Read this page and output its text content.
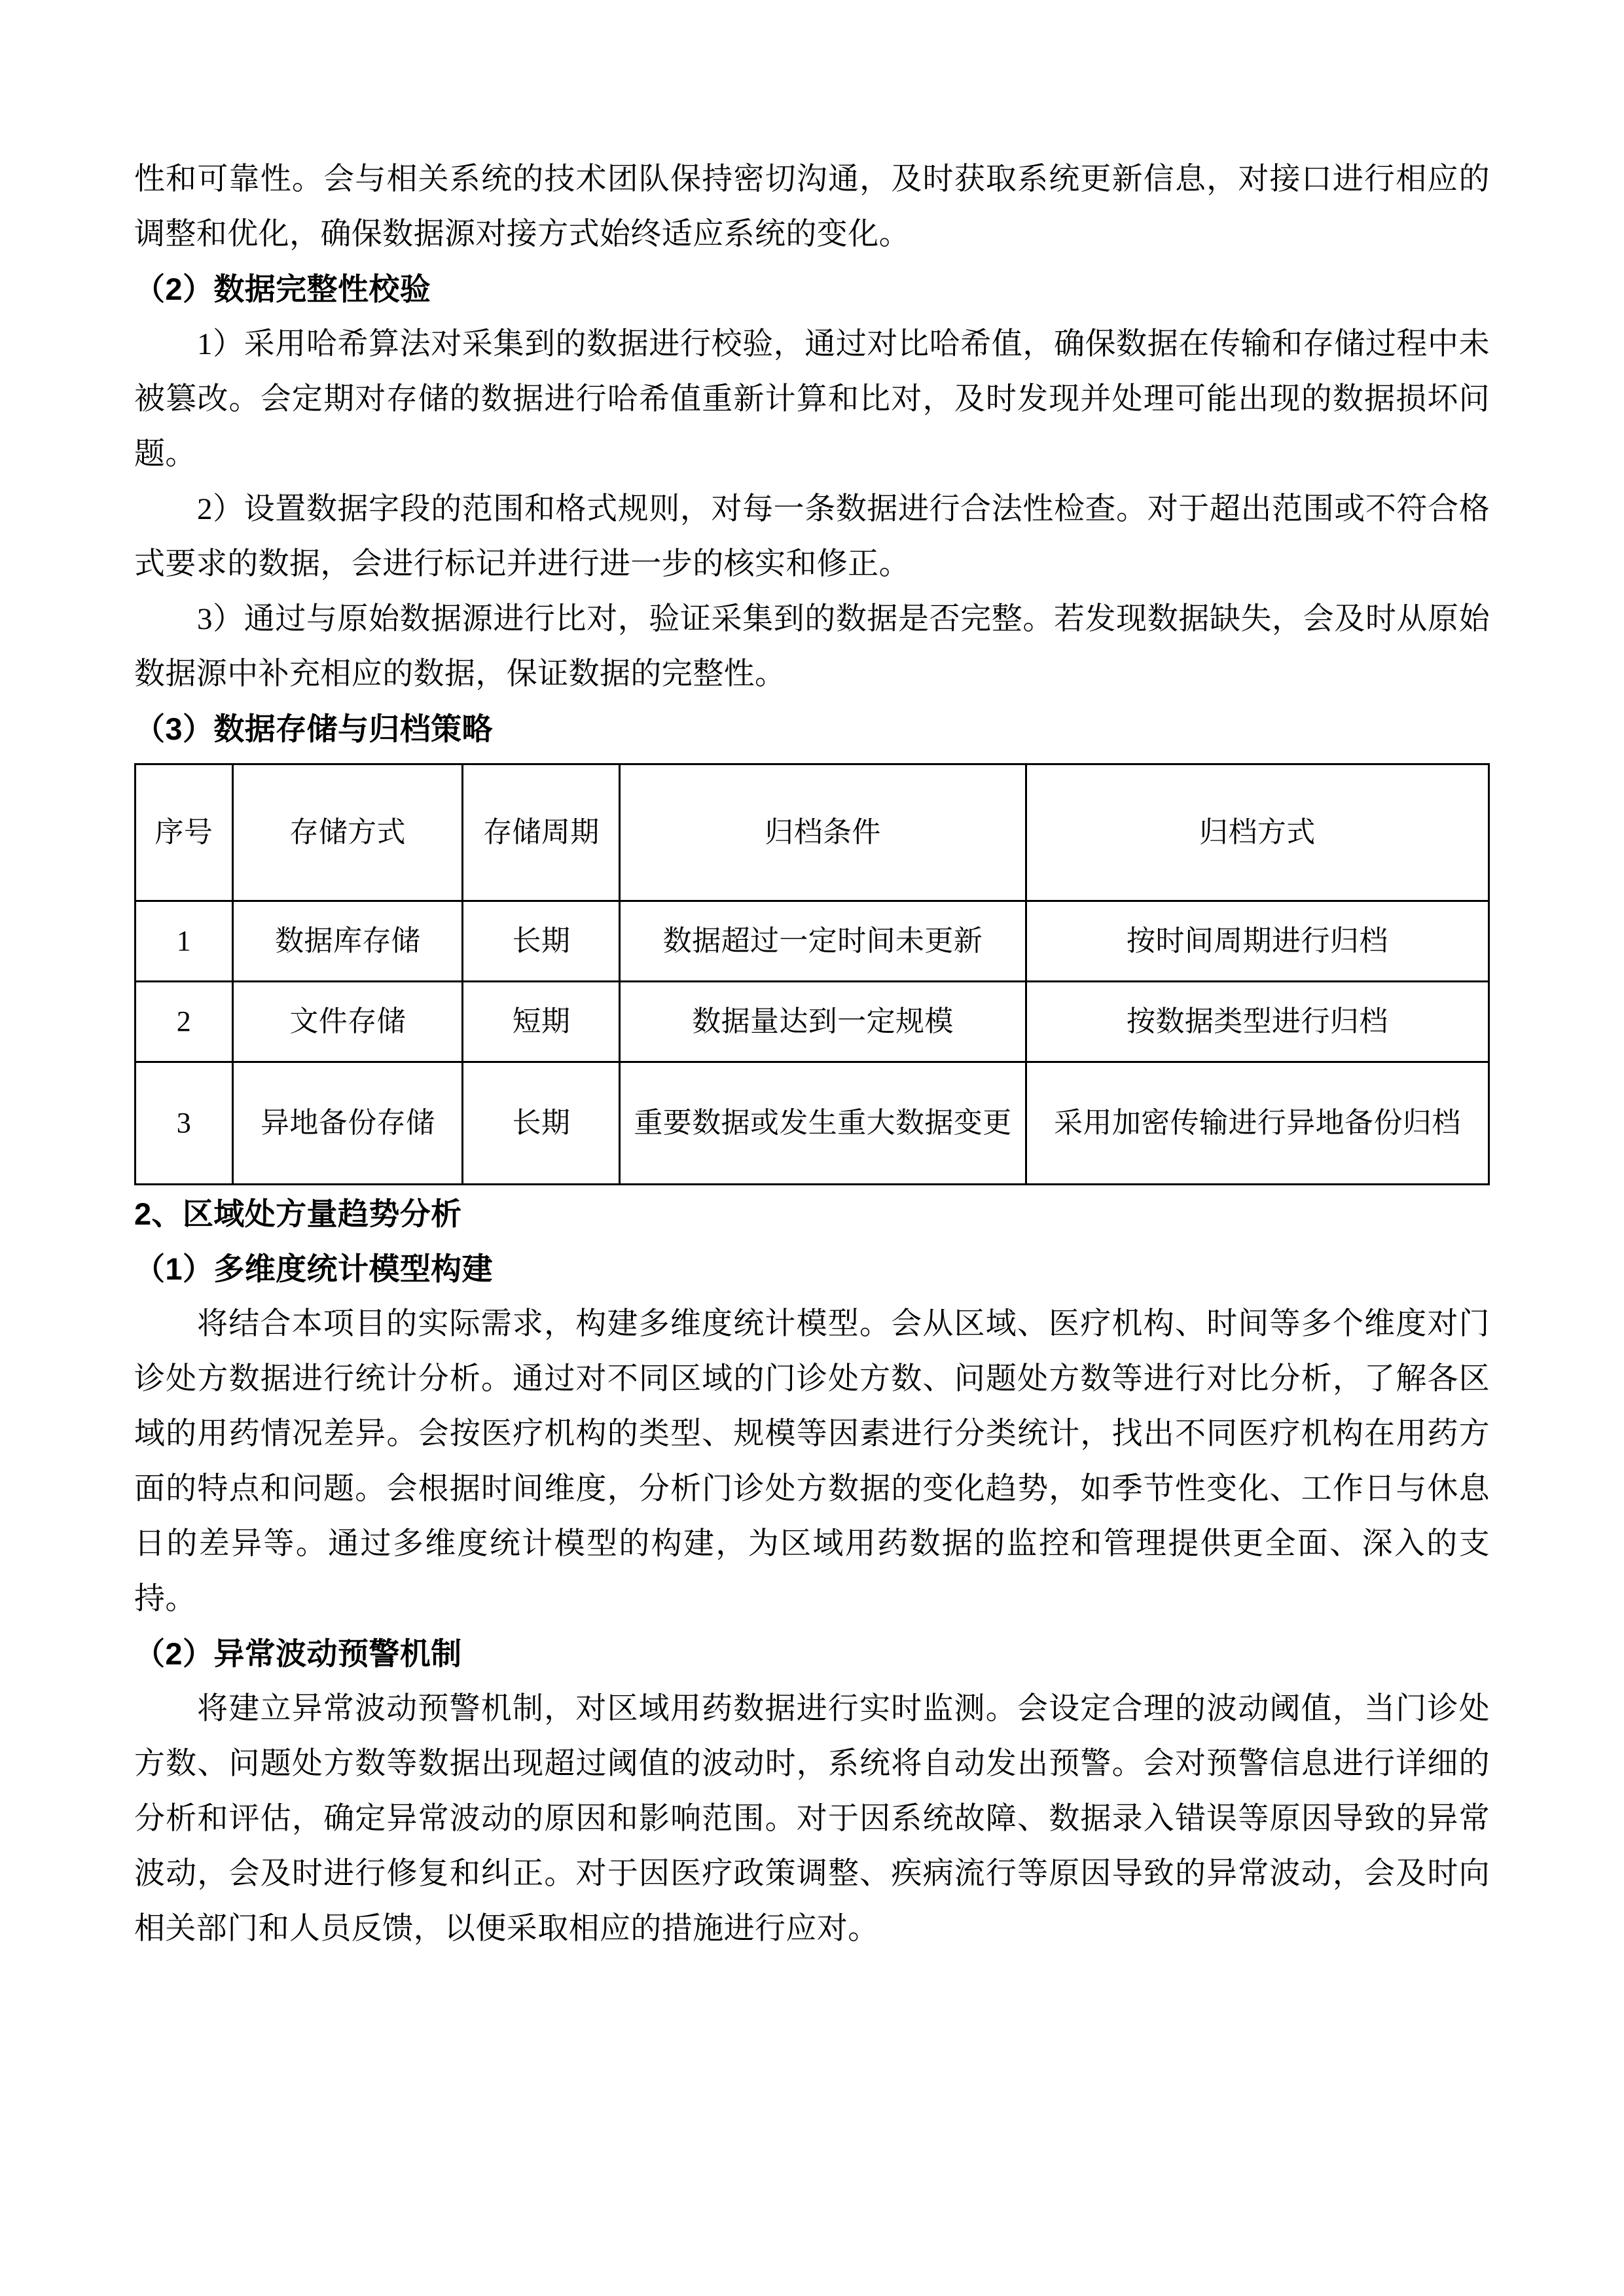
性和可靠性。会与相关系统的技术团队保持密切沟通，及时获取系统更新信息，对接口进行相应的调整和优化，确保数据源对接方式始终适应系统的变化。

（2）数据完整性校验

1）采用哈希算法对采集到的数据进行校验，通过对比哈希值，确保数据在传输和存储过程中未被篡改。会定期对存储的数据进行哈希值重新计算和比对，及时发现并处理可能出现的数据损坏问题。

2）设置数据字段的范围和格式规则，对每一条数据进行合法性检查。对于超出范围或不符合格式要求的数据，会进行标记并进行进一步的核实和修正。

3）通过与原始数据源进行比对，验证采集到的数据是否完整。若发现数据缺失，会及时从原始数据源中补充相应的数据，保证数据的完整性。

（3）数据存储与归档策略

序号	存储方式	存储周期	归档条件	归档方式
1	数据库存储	长期	数据超过一定时间未更新	按时间周期进行归档
2	文件存储	短期	数据量达到一定规模	按数据类型进行归档
3	异地备份存储	长期	重要数据或发生重大数据变更	采用加密传输进行异地备份归档

2、区域处方量趋势分析

（1）多维度统计模型构建

将结合本项目的实际需求，构建多维度统计模型。会从区域、医疗机构、时间等多个维度对门诊处方数据进行统计分析。通过对不同区域的门诊处方数、问题处方数等进行对比分析，了解各区域的用药情况差异。会按医疗机构的类型、规模等因素进行分类统计，找出不同医疗机构在用药方面的特点和问题。会根据时间维度，分析门诊处方数据的变化趋势，如季节性变化、工作日与休息日的差异等。通过多维度统计模型的构建，为区域用药数据的监控和管理提供更全面、深入的支持。

（2）异常波动预警机制

将建立异常波动预警机制，对区域用药数据进行实时监测。会设定合理的波动阈值，当门诊处方数、问题处方数等数据出现超过阈值的波动时，系统将自动发出预警。会对预警信息进行详细的分析和评估，确定异常波动的原因和影响范围。对于因系统故障、数据录入错误等原因导致的异常波动，会及时进行修复和纠正。对于因医疗政策调整、疾病流行等原因导致的异常波动，会及时向相关部门和人员反馈，以便采取相应的措施进行应对。
